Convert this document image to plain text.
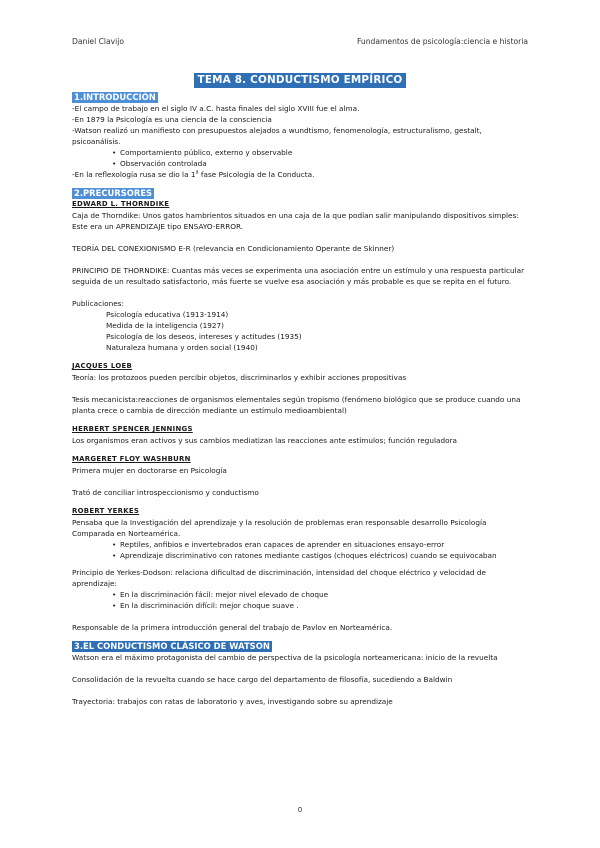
Daniel Clavijo	Fundamentos de psicología:ciencia e historia
TEMA 8. CONDUCTISMO EMPÍRICO
1.INTRODUCCIÓN

-El campo de trabajo en el siglo IV a.C. hasta finales del siglo XVIII fue el alma.

-En 1879 la Psicología es una ciencia de la consciencia

-Watson realizó un manifiesto con presupuestos alejados a wundtismo, fenomenología, estructuralismo, gestalt, psicoanálisis.

• Comportamiento público, externo y observable
• Observación controlada

-En la reflexología rusa se dio la 1$^a$ fase Psicología de la Conducta.

2.PRECURSORES

EDWARD L. THORNDIKE

Caja de Thorndike: Unos gatos hambrientos situados en una caja de la que podían salir manipulando dispositivos simples: Este era un APRENDIZAJE tipo ENSAYO-ERROR.

TEORÍA DEL CONEXIONISMO E-R (relevancia en Condicionamiento Operante de Skinner)

PRINCIPIO DE THORNDIKE: Cuantas más veces se experimenta una asociación entre un estímulo y una respuesta particular seguida de un resultado satisfactorio, más fuerte se vuelve esa asociación y más probable es que se repita en el futuro.

Publicaciones:

Psicología educativa (1913-1914)

Medida de la inteligencia (1927)

Psicología de los deseos, intereses y actitudes (1935)

Naturaleza humana y orden social (1940)

JACQUES LOEB

Teoría: los protozoos pueden percibir objetos, discriminarlos y exhibir acciones propositivas

Tesis mecanicista:reacciones de organismos elementales según tropismo (fenómeno biológico que se produce cuando una planta crece o cambia de dirección mediante un estímulo medioambiental)

HERBERT SPENCER JENNINGS

Los organismos eran activos y sus cambios mediatizan las reacciones ante estímulos; función reguladora

MARGERET FLOY WASHBURN

Primera mujer en doctorarse en Psicología

Trató de conciliar introspeccionismo y conductismo

ROBERT YERKES

Pensaba que la Investigación del aprendizaje y la resolución de problemas eran responsable desarrollo Psicología Comparada en Norteamérica.

• Reptiles, anfibios e invertebrados eran capaces de aprender en situaciones ensayo-error
• Aprendizaje discriminativo con ratones mediante castigos (choques eléctricos) cuando se equivocaban

Principio de Yerkes-Dodson: relaciona dificultad de discriminación, intensidad del choque eléctrico y velocidad de aprendizaje:

• En la discriminación fácil: mejor nivel elevado de choque
• En la discriminación difícil: mejor choque suave .

Responsable de la primera introducción general del trabajo de Pavlov en Norteamérica.

3.EL CONDUCTISMO CLÁSICO DE WATSON

Watson era el máximo protagonista del cambio de perspectiva de la psicología norteamericana: inicio de la revuelta

Consolidación de la revuelta cuando se hace cargo del departamento de filosofía, sucediendo a Baldwin

Trayectoria: trabajos con ratas de laboratorio y aves, investigando sobre su aprendizaje

0
